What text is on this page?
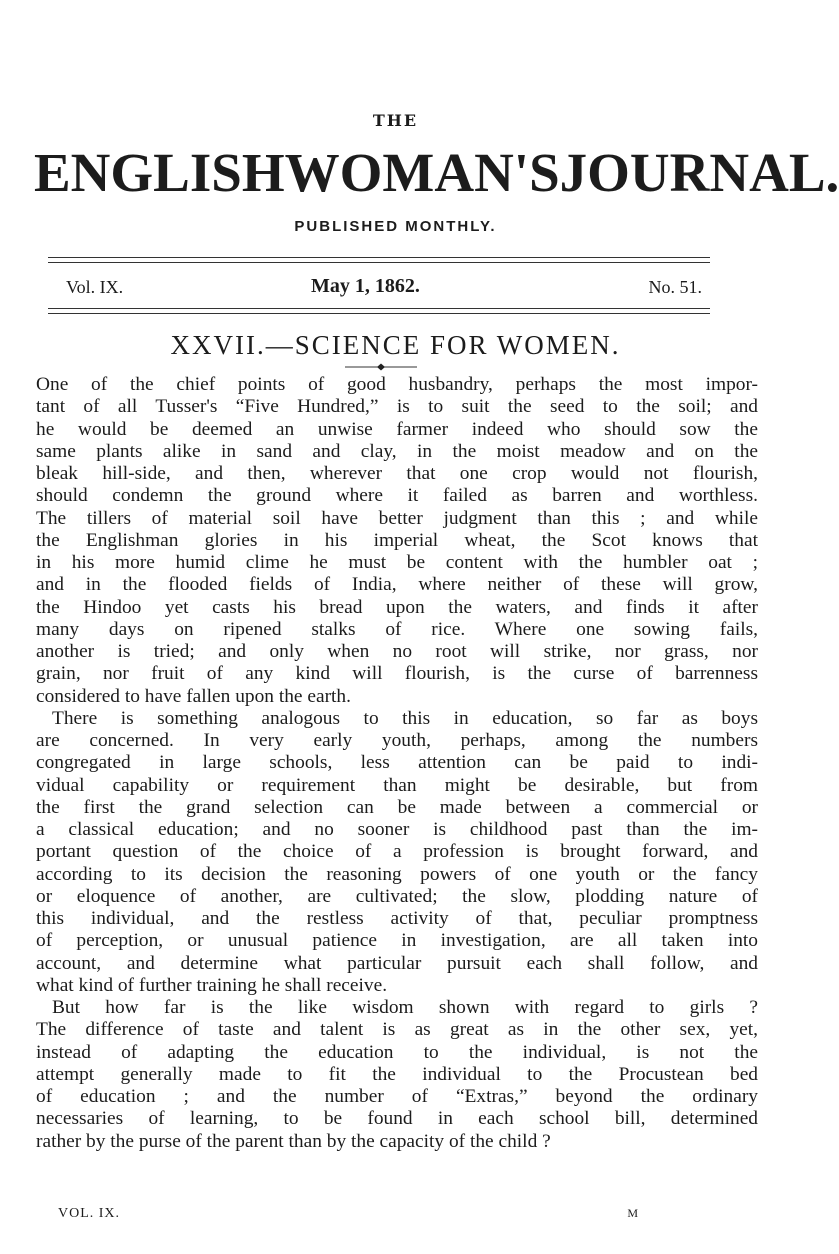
THE
ENGLISH WOMAN'S JOURNAL.
PUBLISHED MONTHLY.
Vol. IX.	May 1, 1862.	No. 51.
XXVII.—SCIENCE FOR WOMEN.
One of the chief points of good husbandry, perhaps the most impor-
tant of all Tusser's “Five Hundred,” is to suit the seed to the soil; and
he would be deemed an unwise farmer indeed who should sow the
same plants alike in sand and clay, in the moist meadow and on the
bleak hill-side, and then, wherever that one crop would not flourish,
should condemn the ground where it failed as barren and worthless.
The tillers of material soil have better judgment than this ; and while
the Englishman glories in his imperial wheat, the Scot knows that
in his more humid clime he must be content with the humbler oat ;
and in the flooded fields of India, where neither of these will grow,
the Hindoo yet casts his bread upon the waters, and finds it after
many days on ripened stalks of rice. Where one sowing fails,
another is tried; and only when no root will strike, nor grass, nor
grain, nor fruit of any kind will flourish, is the curse of barrenness
considered to have fallen upon the earth.
There is something analogous to this in education, so far as boys
are concerned. In very early youth, perhaps, among the numbers
congregated in large schools, less attention can be paid to indi-
vidual capability or requirement than might be desirable, but from
the first the grand selection can be made between a commercial or
a classical education; and no sooner is childhood past than the im-
portant question of the choice of a profession is brought forward, and
according to its decision the reasoning powers of one youth or the fancy
or eloquence of another, are cultivated; the slow, plodding nature of
this individual, and the restless activity of that, peculiar promptness
of perception, or unusual patience in investigation, are all taken into
account, and determine what particular pursuit each shall follow, and
what kind of further training he shall receive.
But how far is the like wisdom shown with regard to girls ?
The difference of taste and talent is as great as in the other sex, yet,
instead of adapting the education to the individual, is not the
attempt generally made to fit the individual to the Procustean bed
of education ; and the number of “Extras,” beyond the ordinary
necessaries of learning, to be found in each school bill, determined
rather by the purse of the parent than by the capacity of the child ?
VOL. IX.	M
